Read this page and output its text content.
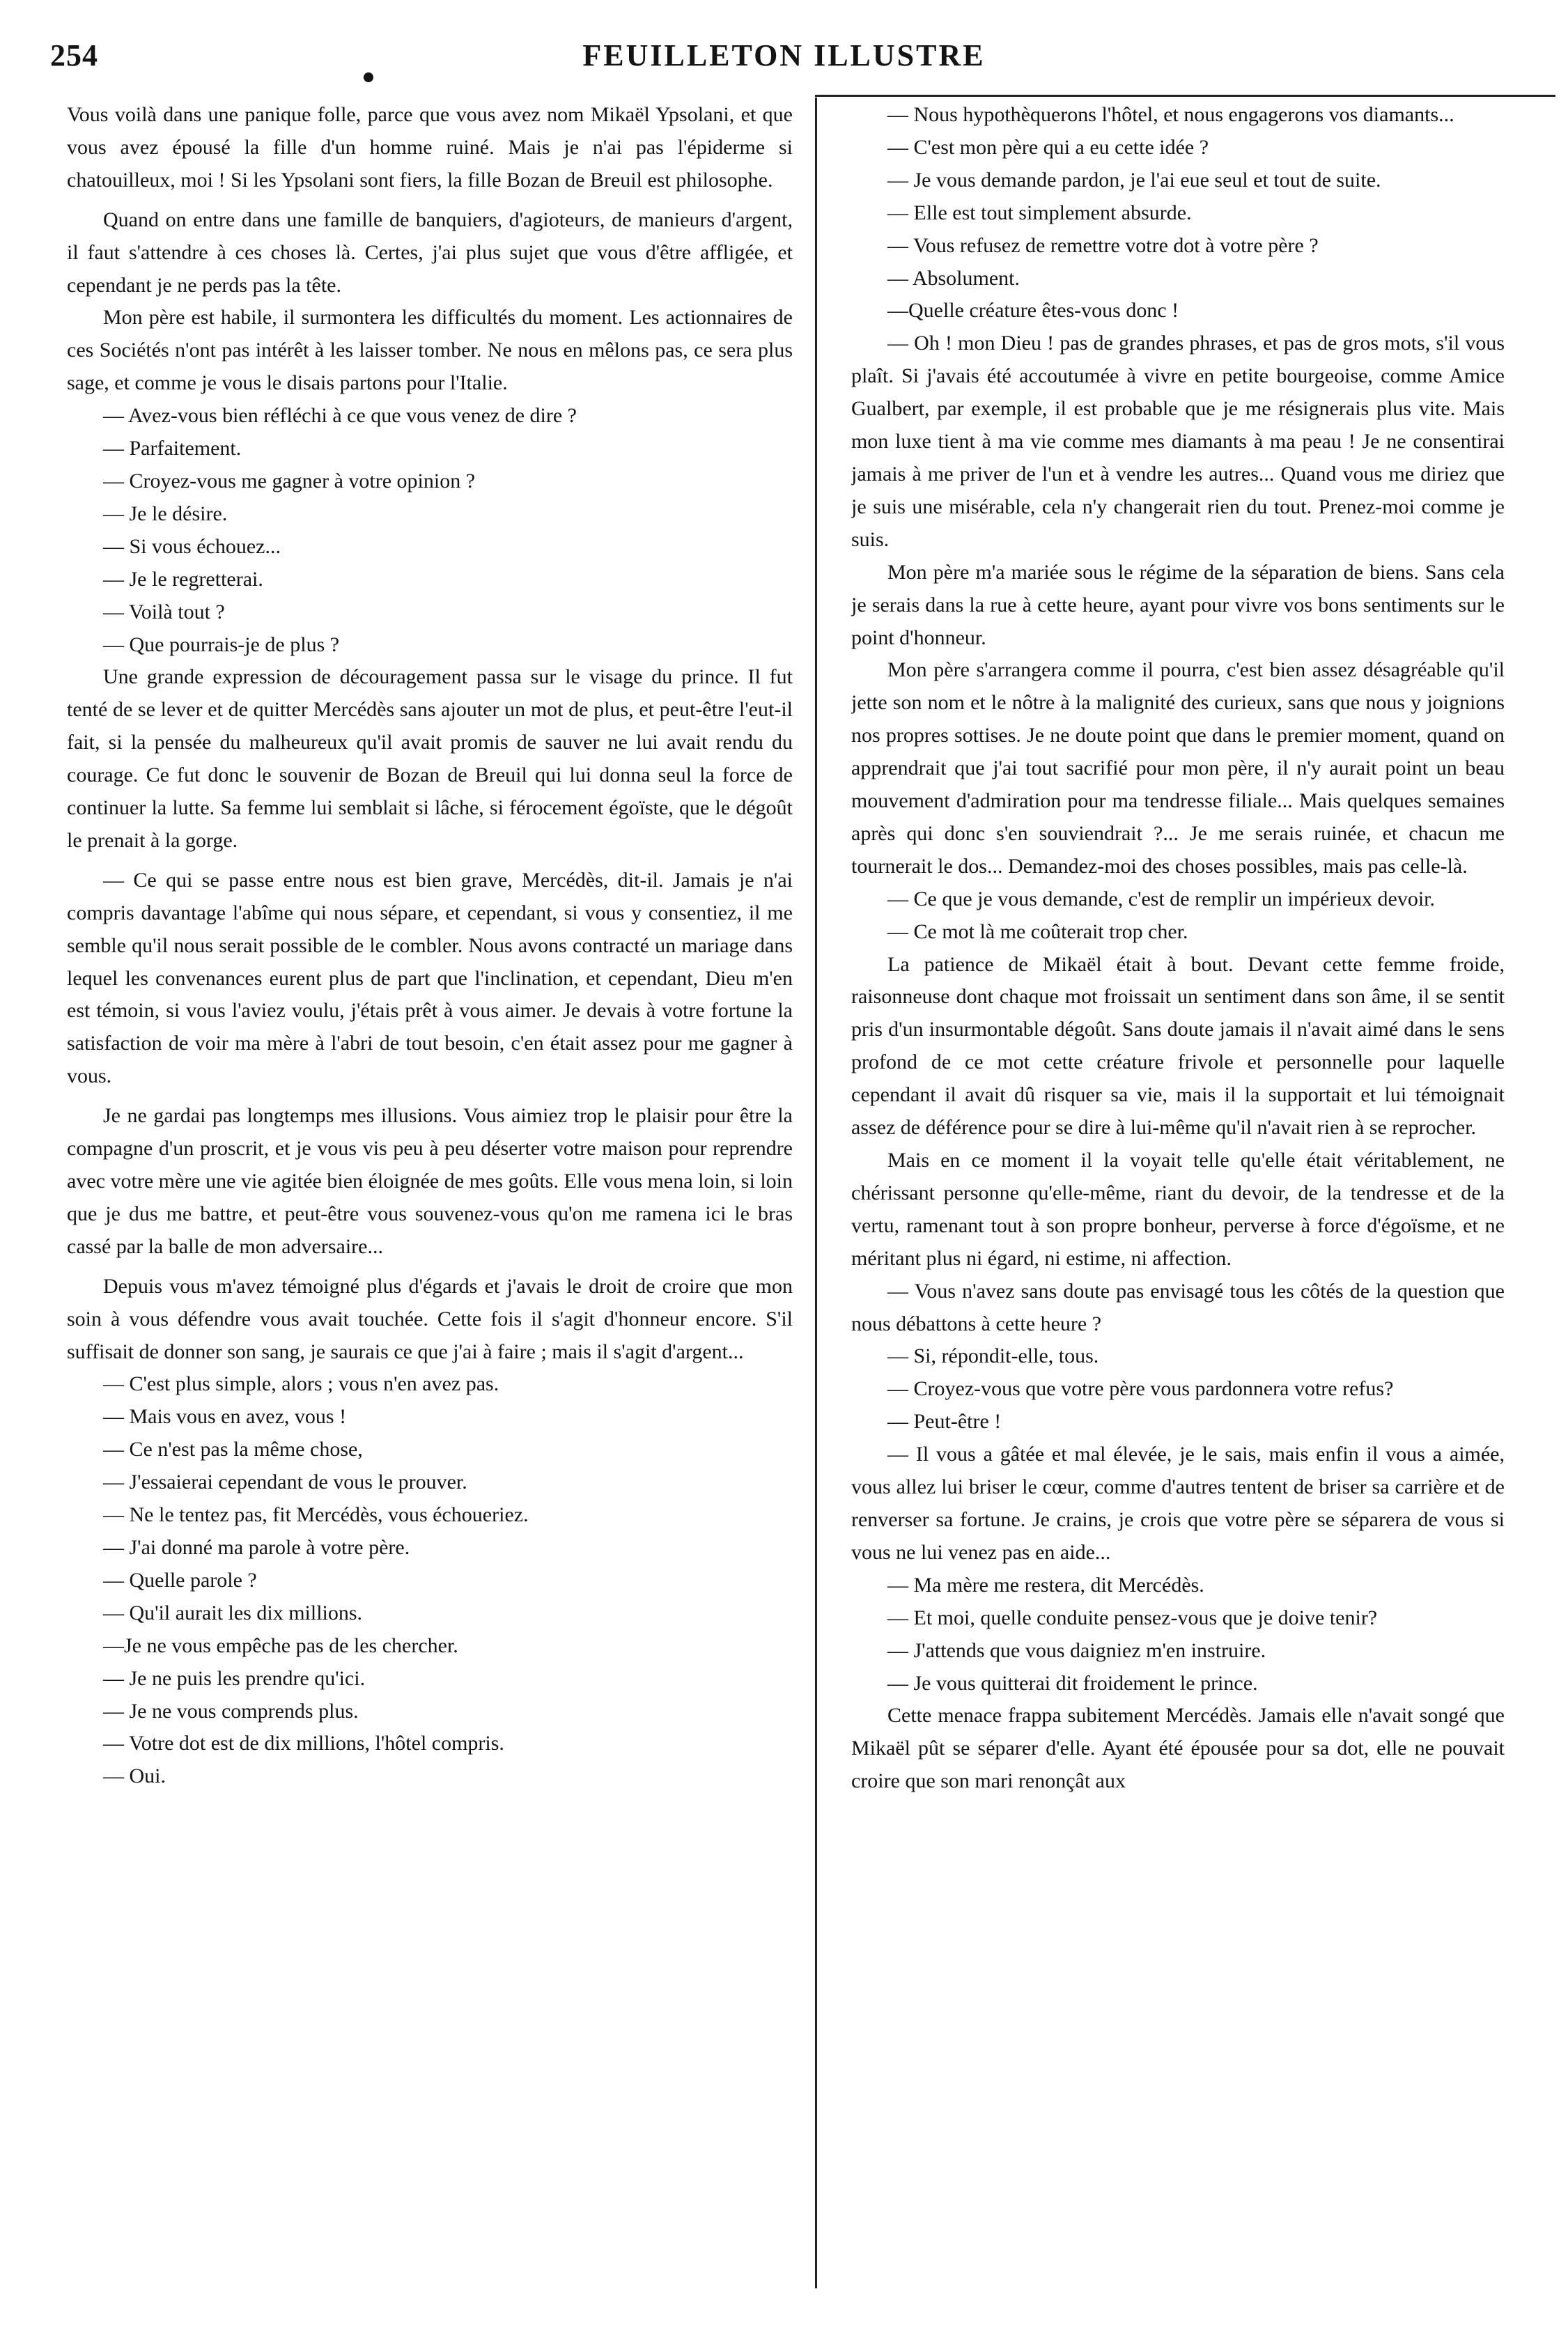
254	FEUILLETON ILLUSTRE

Vous voilà dans une panique folle, parce que vous avez nom Mikaël Ypsolani, et que vous avez épousé la fille d'un homme ruiné. Mais je n'ai pas l'épiderme si chatouilleux, moi ! Si les Ypsolani sont fiers, la fille Bozan de Breuil est philosophe.

Quand on entre dans une famille de banquiers, d'agioteurs, de manieurs d'argent, il faut s'attendre à ces choses là. Certes, j'ai plus sujet que vous d'être affligée, et cependant je ne perds pas la tête.

Mon père est habile, il surmontera les difficultés du moment. Les actionnaires de ces Sociétés n'ont pas intérêt à les laisser tomber. Ne nous en mêlons pas, ce sera plus sage, et comme je vous le disais partons pour l'Italie.

— Avez-vous bien réfléchi à ce que vous venez de dire ?

— Parfaitement.

— Croyez-vous me gagner à votre opinion ?

— Je le désire.

— Si vous échouez...

— Je le regretterai.

— Voilà tout ?

— Que pourrais-je de plus ?

Une grande expression de découragement passa sur le visage du prince. Il fut tenté de se lever et de quitter Mercédès sans ajouter un mot de plus, et peut-être l'eut-il fait, si la pensée du malheureux qu'il avait promis de sauver ne lui avait rendu du courage. Ce fut donc le souvenir de Bozan de Breuil qui lui donna seul la force de continuer la lutte. Sa femme lui semblait si lâche, si férocement égoïste, que le dégoût le prenait à la gorge.

— Ce qui se passe entre nous est bien grave, Mercédès, dit-il. Jamais je n'ai compris davantage l'abîme qui nous sépare, et cependant, si vous y consentiez, il me semble qu'il nous serait possible de le combler. Nous avons contracté un mariage dans lequel les convenances eurent plus de part que l'inclination, et cependant, Dieu m'en est témoin, si vous l'aviez voulu, j'étais prêt à vous aimer. Je devais à votre fortune la satisfaction de voir ma mère à l'abri de tout besoin, c'en était assez pour me gagner à vous.

Je ne gardai pas longtemps mes illusions. Vous aimiez trop le plaisir pour être la compagne d'un proscrit, et je vous vis peu à peu déserter votre maison pour reprendre avec votre mère une vie agitée bien éloignée de mes goûts. Elle vous mena loin, si loin que je dus me battre, et peut-être vous souvenez-vous qu'on me ramena ici le bras cassé par la balle de mon adversaire...

Depuis vous m'avez témoigné plus d'égards et j'avais le droit de croire que mon soin à vous défendre vous avait touchée. Cette fois il s'agit d'honneur encore. S'il suffisait de donner son sang, je saurais ce que j'ai à faire ; mais il s'agit d'argent...

— C'est plus simple, alors ; vous n'en avez pas.

— Mais vous en avez, vous !

— Ce n'est pas la même chose,

— J'essaierai cependant de vous le prouver.

— Ne le tentez pas, fit Mercédès, vous échoueriez.

— J'ai donné ma parole à votre père.

— Quelle parole ?

— Qu'il aurait les dix millions.

—Je ne vous empêche pas de les chercher.

— Je ne puis les prendre qu'ici.

— Je ne vous comprends plus.

— Votre dot est de dix millions, l'hôtel compris.

— Oui.

— Nous hypothèquerons l'hôtel, et nous engagerons vos diamants...

— C'est mon père qui a eu cette idée ?

— Je vous demande pardon, je l'ai eue seul et tout de suite.

— Elle est tout simplement absurde.

— Vous refusez de remettre votre dot à votre père ?

— Absolument.

—Quelle créature êtes-vous donc !

— Oh ! mon Dieu ! pas de grandes phrases, et pas de gros mots, s'il vous plaît. Si j'avais été accoutumée à vivre en petite bourgeoise, comme Amice Gualbert, par exemple, il est probable que je me résignerais plus vite. Mais mon luxe tient à ma vie comme mes diamants à ma peau ! Je ne consentirai jamais à me priver de l'un et à vendre les autres... Quand vous me diriez que je suis une misérable, cela n'y changerait rien du tout. Prenez-moi comme je suis.

Mon père m'a mariée sous le régime de la séparation de biens. Sans cela je serais dans la rue à cette heure, ayant pour vivre vos bons sentiments sur le point d'honneur.

Mon père s'arrangera comme il pourra, c'est bien assez désagréable qu'il jette son nom et le nôtre à la malignité des curieux, sans que nous y joignions nos propres sottises. Je ne doute point que dans le premier moment, quand on apprendrait que j'ai tout sacrifié pour mon père, il n'y aurait point un beau mouvement d'admiration pour ma tendresse filiale... Mais quelques semaines après qui donc s'en souviendrait ?... Je me serais ruinée, et chacun me tournerait le dos... Demandez-moi des choses possibles, mais pas celle-là.

— Ce que je vous demande, c'est de remplir un impérieux devoir.

— Ce mot là me coûterait trop cher.

La patience de Mikaël était à bout. Devant cette femme froide, raisonneuse dont chaque mot froissait un sentiment dans son âme, il se sentit pris d'un insurmontable dégoût. Sans doute jamais il n'avait aimé dans le sens profond de ce mot cette créature frivole et personnelle pour laquelle cependant il avait dû risquer sa vie, mais il la supportait et lui témoignait assez de déférence pour se dire à lui-même qu'il n'avait rien à se reprocher.

Mais en ce moment il la voyait telle qu'elle était véritablement, ne chérissant personne qu'elle-même, riant du devoir, de la tendresse et de la vertu, ramenant tout à son propre bonheur, perverse à force d'égoïsme, et ne méritant plus ni égard, ni estime, ni affection.

— Vous n'avez sans doute pas envisagé tous les côtés de la question que nous débattons à cette heure ?

— Si, répondit-elle, tous.

— Croyez-vous que votre père vous pardonnera votre refus?

— Peut-être !

— Il vous a gâtée et mal élevée, je le sais, mais enfin il vous a aimée, vous allez lui briser le cœur, comme d'autres tentent de briser sa carrière et de renverser sa fortune. Je crains, je crois que votre père se séparera de vous si vous ne lui venez pas en aide...

— Ma mère me restera, dit Mercédès.

— Et moi, quelle conduite pensez-vous que je doive tenir?

— J'attends que vous daigniez m'en instruire.

— Je vous quitterai dit froidement le prince.

Cette menace frappa subitement Mercédès. Jamais elle n'avait songé que Mikaël pût se séparer d'elle. Ayant été épousée pour sa dot, elle ne pouvait croire que son mari renonçât aux
